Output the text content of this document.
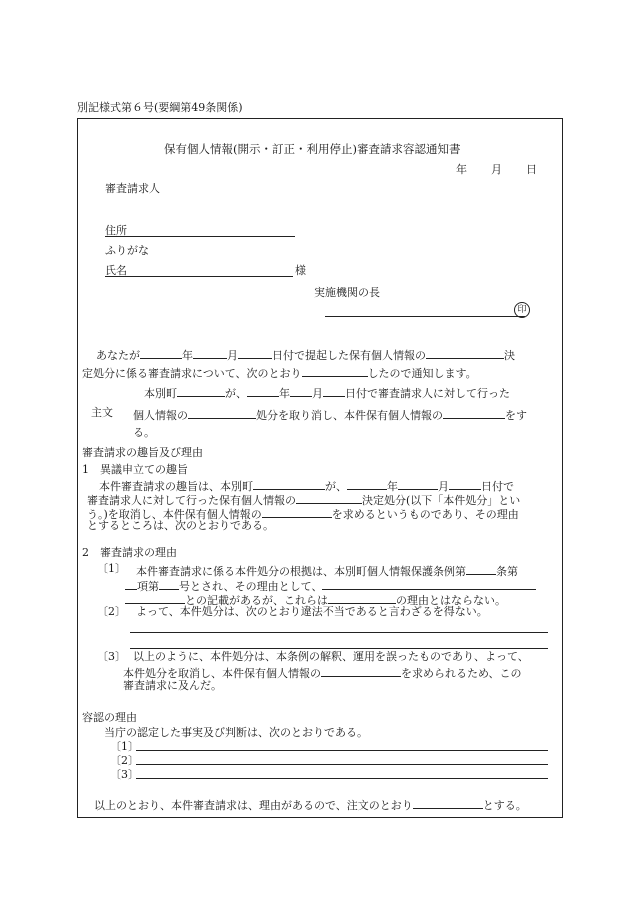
別記様式第６号(要綱第49条関係)
保有個人情報(開示・訂正・利用停止)審査請求容認通知書
年 月 日
審査請求人
住所
ふりがな
氏名	様
実施機関の長
印
あなたが	年	月	日付で提起した保有個人情報の	決
定処分に係る審査請求について、次のとおり	したので通知します。
本別町	が、	年 月 日付で審査請求人に対して行った
主文 個人情報の	処分を取り消し、本件保有個人情報の	をす
る。
審査請求の趣旨及び理由
1　異議申立ての趣旨
本件審査請求の趣旨は、本別町	が、	年	月	日付で
審査請求人に対して行った保有個人情報の	決定処分(以下「本件処分」とい
う。)を取消し、本件保有個人情報の	を求めるというものであり、その理由
とするところは、次のとおりである。
2　審査請求の理由
〔1〕 本件審査請求に係る本件処分の根拠は、本別町個人情報保護条例第	条第
項第 号とされ、その理由として、
との記載があるが、これらは	の理由とはならない。
〔2〕 よって、本件処分は、次のとおり違法不当であると言わざるを得ない。
〔3〕 以上のように、本件処分は、本条例の解釈、運用を誤ったものであり、よって、
本件処分を取消し、本件保有個人情報の	を求められるため、この
審査請求に及んだ。
容認の理由
当庁の認定した事実及び判断は、次のとおりである。
〔1〕
〔2〕
〔3〕
以上のとおり、本件審査請求は、理由があるので、注文のとおり	とする。
